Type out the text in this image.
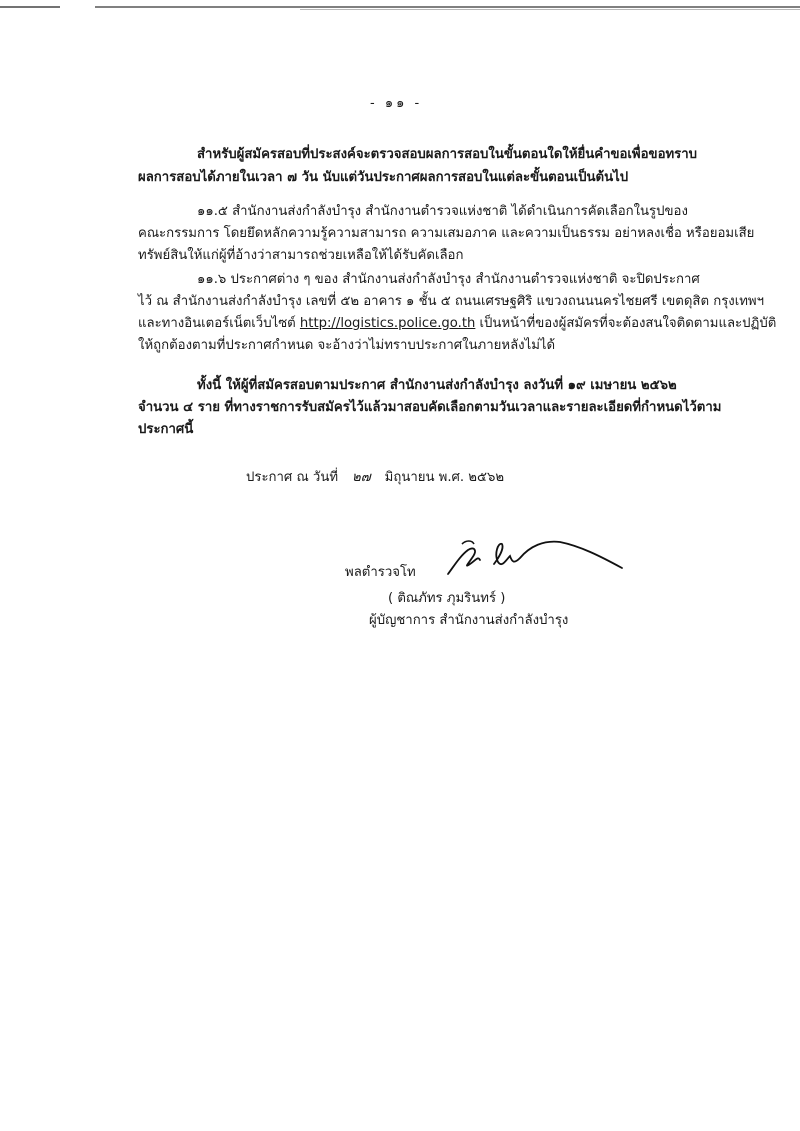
- ๑๑ -
สำหรับผู้สมัครสอบที่ประสงค์จะตรวจสอบผลการสอบในขั้นตอนใดให้ยื่นคำขอเพื่อขอทราบ
ผลการสอบได้ภายในเวลา ๗ วัน นับแต่วันประกาศผลการสอบในแต่ละขั้นตอนเป็นต้นไป
๑๑.๕ สำนักงานส่งกำลังบำรุง สำนักงานตำรวจแห่งชาติ ได้ดำเนินการคัดเลือกในรูปของ
คณะกรรมการ โดยยึดหลักความรู้ความสามารถ ความเสมอภาค และความเป็นธรรม อย่าหลงเชื่อ หรือยอมเสีย
ทรัพย์สินให้แก่ผู้ที่อ้างว่าสามารถช่วยเหลือให้ได้รับคัดเลือก
๑๑.๖ ประกาศต่าง ๆ ของ สำนักงานส่งกำลังบำรุง สำนักงานตำรวจแห่งชาติ จะปิดประกาศ
ไว้ ณ สำนักงานส่งกำลังบำรุง เลขที่ ๕๒ อาคาร ๑ ชั้น ๕ ถนนเศรษฐศิริ แขวงถนนนครไชยศรี เขตดุสิต กรุงเทพฯ
และทางอินเตอร์เน็ตเว็บไซต์ http://logistics.police.go.th เป็นหน้าที่ของผู้สมัครที่จะต้องสนใจติดตามและปฏิบัติ
ให้ถูกต้องตามที่ประกาศกำหนด จะอ้างว่าไม่ทราบประกาศในภายหลังไม่ได้
ทั้งนี้ ให้ผู้ที่สมัครสอบตามประกาศ สำนักงานส่งกำลังบำรุง ลงวันที่ ๑๙ เมษายน ๒๕๖๒
จำนวน ๔ ราย ที่ทางราชการรับสมัครไว้แล้วมาสอบคัดเลือกตามวันเวลาและรายละเอียดที่กำหนดไว้ตาม
ประกาศนี้
ประกาศ ณ วันที่ ๒๗ มิถุนายน พ.ศ. ๒๕๖๒
พลตำรวจโท
( ติณภัทร ภุมรินทร์ )
ผู้บัญชาการ สำนักงานส่งกำลังบำรุง
